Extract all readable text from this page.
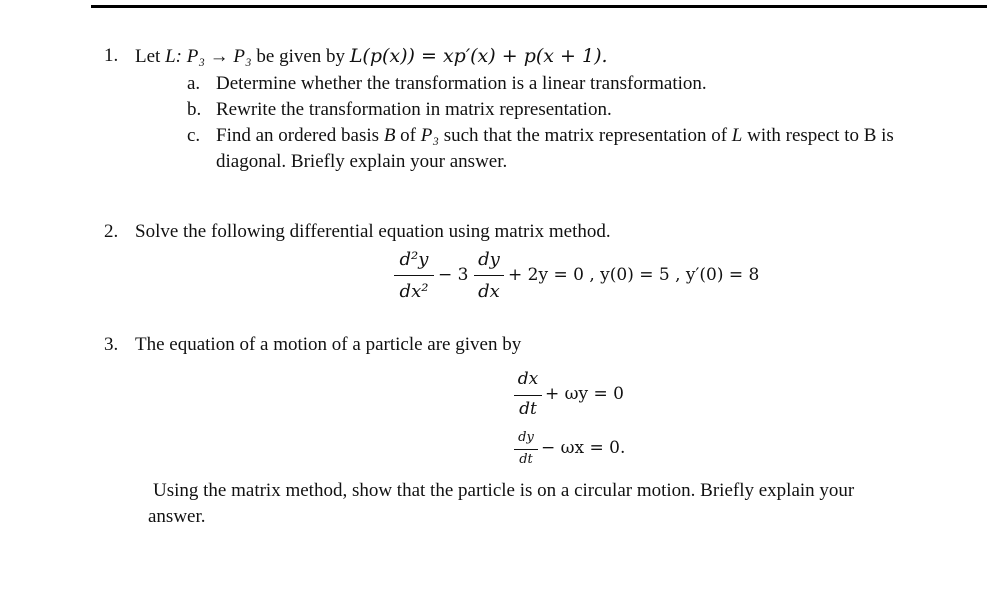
1. Let L: P₃ → P₃ be given by L(p(x)) = xp′(x) + p(x + 1).
a. Determine whether the transformation is a linear transformation.
b. Rewrite the transformation in matrix representation.
c. Find an ordered basis B of P₃ such that the matrix representation of L with respect to B is
diagonal. Briefly explain your answer.
2. Solve the following differential equation using matrix method.
d²y
dx²
− 3
dy
dx
+ 2y = 0 , y(0) = 5 , y′(0) = 8
3. The equation of a motion of a particle are given by
dx
dt
+ ωy = 0
dy
dt
− ωx = 0.
Using the matrix method, show that the particle is on a circular motion. Briefly explain your
answer.
